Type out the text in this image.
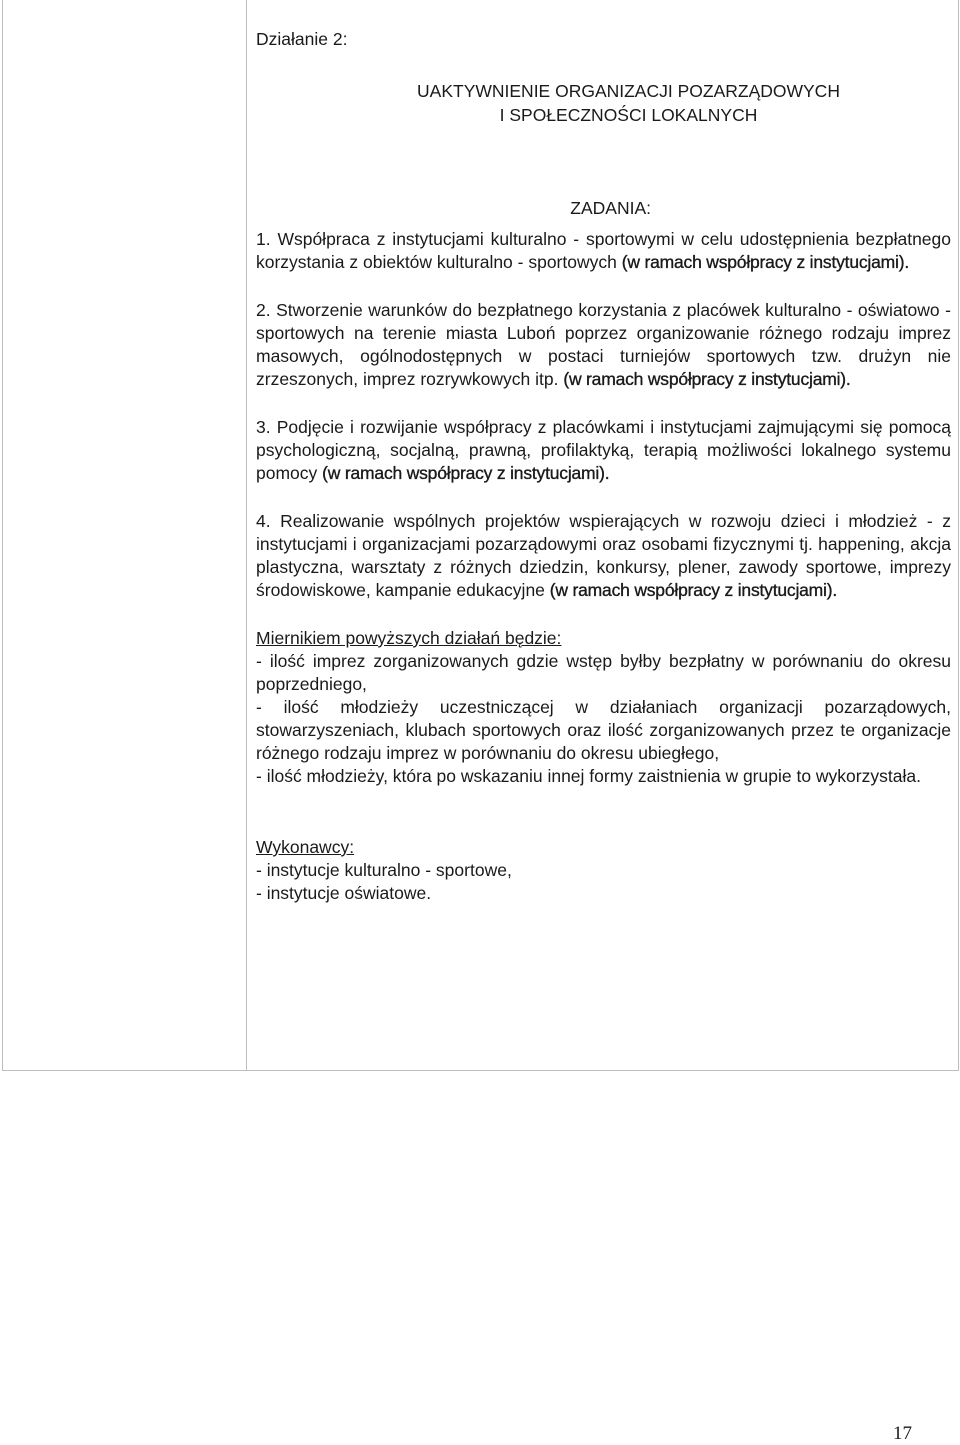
Działanie 2:

UAKTYWNIENIE ORGANIZACJI POZARZĄDOWYCH

I SPOŁECZNOŚCI LOKALNYCH

ZADANIA:

1. Współpraca z instytucjami kulturalno - sportowymi w celu udostępnienia bezpłatnego korzystania z obiektów kulturalno - sportowych (w ramach współpracy z instytucjami).

2. Stworzenie warunków do bezpłatnego korzystania z placówek kulturalno - oświatowo - sportowych na terenie miasta Luboń poprzez organizowanie różnego rodzaju imprez masowych, ogólnodostępnych w postaci turniejów sportowych tzw. drużyn nie zrzeszonych, imprez rozrywkowych itp. (w ramach współpracy z instytucjami).

3. Podjęcie i rozwijanie współpracy z placówkami i instytucjami zajmującymi się pomocą psychologiczną, socjalną, prawną, profilaktyką, terapią możliwości lokalnego systemu pomocy (w ramach współpracy z instytucjami).

4. Realizowanie wspólnych projektów wspierających w rozwoju dzieci i młodzież - z instytucjami i organizacjami pozarządowymi oraz osobami fizycznymi tj. happening, akcja plastyczna, warsztaty z różnych dziedzin, konkursy, plener, zawody sportowe, imprezy środowiskowe, kampanie edukacyjne (w ramach współpracy z instytucjami).

Miernikiem powyższych działań będzie:

- ilość imprez zorganizowanych gdzie wstęp byłby bezpłatny w porównaniu do okresu poprzedniego,

- ilość młodzieży uczestniczącej w działaniach organizacji pozarządowych, stowarzyszeniach, klubach sportowych oraz ilość zorganizowanych przez te organizacje różnego rodzaju imprez w porównaniu do okresu ubiegłego,

- ilość młodzieży, która po wskazaniu innej formy zaistnienia w grupie to wykorzystała.

Wykonawcy:

- instytucje kulturalno - sportowe,

- instytucje oświatowe.

17
